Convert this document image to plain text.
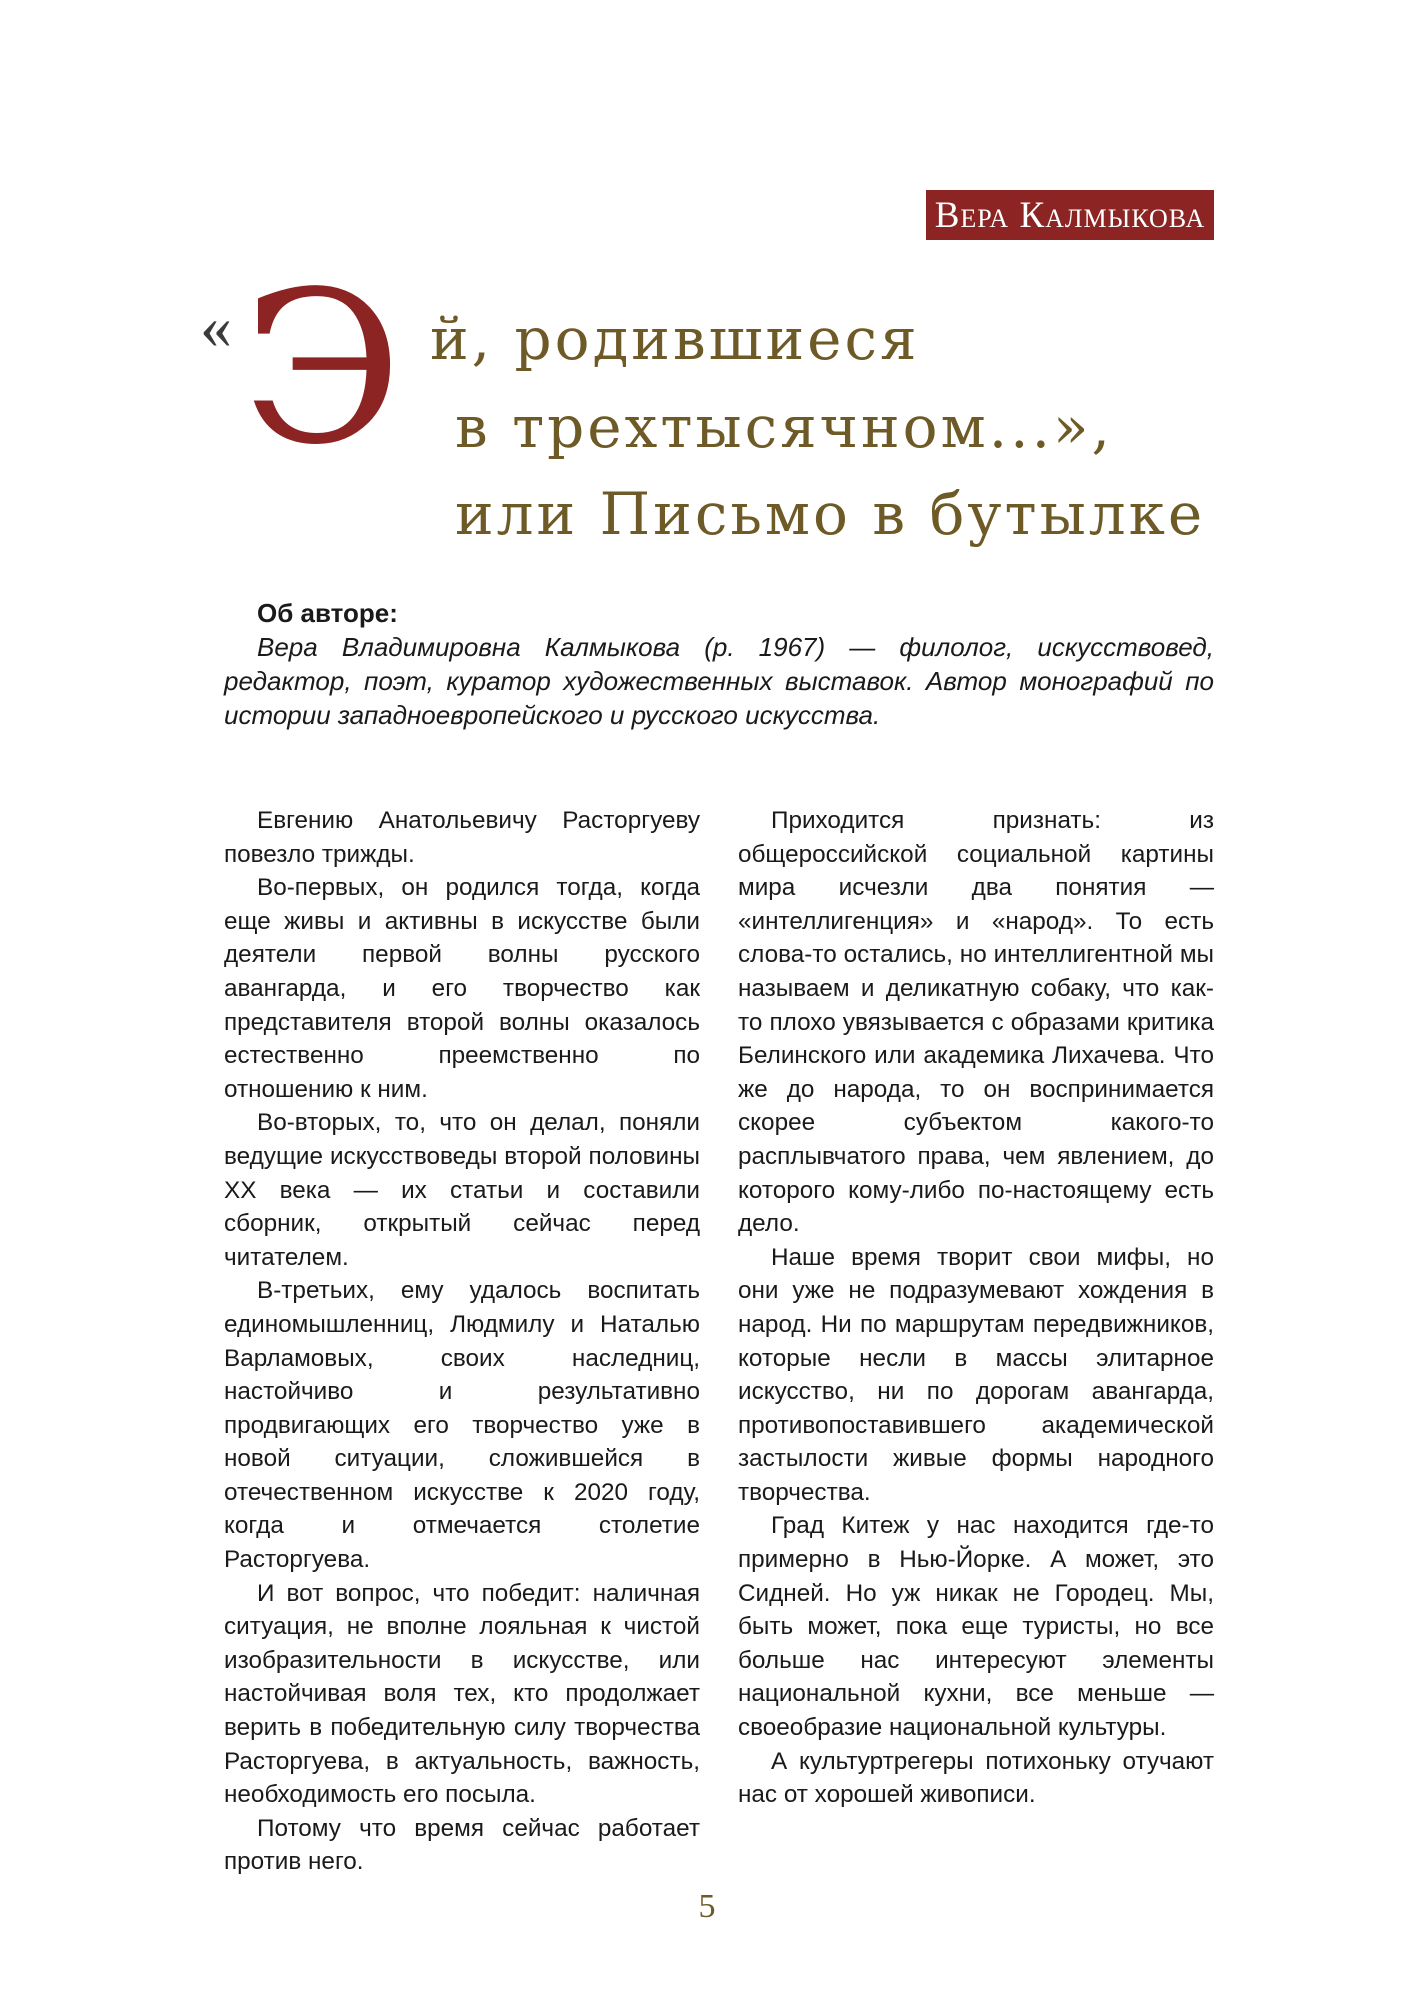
Вера Калмыкова
« Э й, родившиеся
в трехтысячном...»,
или Письмо в бутылке
Об авторе:

Вера Владимировна Калмыкова (р. 1967) — филолог, искусствовед, редактор, поэт, куратор художественных выставок. Автор монографий по истории западноевропейского и русского искусства.

Евгению Анатольевичу Расторгуеву повезло трижды.

Во-первых, он родился тогда, когда еще живы и активны в искусстве были деятели первой волны русского авангарда, и его творчество как представителя второй волны оказалось естественно преемственно по отношению к ним.

Во-вторых, то, что он делал, поняли ведущие искусствоведы второй половины XX века — их статьи и составили сборник, открытый сейчас перед читателем.

В-третьих, ему удалось воспитать единомышленниц, Людмилу и Наталью Варламовых, своих наследниц, настойчиво и результативно продвигающих его творчество уже в новой ситуации, сложившейся в отечественном искусстве к 2020 году, когда и отмечается столетие Расторгуева.

И вот вопрос, что победит: наличная ситуация, не вполне лояльная к чистой изобразительности в искусстве, или настойчивая воля тех, кто продолжает верить в победительную силу творчества Расторгуева, в актуальность, важность, необходимость его посыла.

Потому что время сейчас работает против него.

Приходится признать: из общероссийской социальной картины мира исчезли два понятия — «интеллигенция» и «народ». То есть слова-то остались, но интеллигентной мы называем и деликатную собаку, что как-то плохо увязывается с образами критика Белинского или академика Лихачева. Что же до народа, то он воспринимается скорее субъектом какого-то расплывчатого права, чем явлением, до которого кому-либо по-настоящему есть дело.

Наше время творит свои мифы, но они уже не подразумевают хождения в народ. Ни по маршрутам передвижников, которые несли в массы элитарное искусство, ни по дорогам авангарда, противопоставившего академической застылости живые формы народного творчества.

Град Китеж у нас находится где-то примерно в Нью-Йорке. А может, это Сидней. Но уж никак не Городец. Мы, быть может, пока еще туристы, но все больше нас интересуют элементы национальной кухни, все меньше — своеобразие национальной культуры.

А культуртрегеры потихоньку отучают нас от хорошей живописи.

5
